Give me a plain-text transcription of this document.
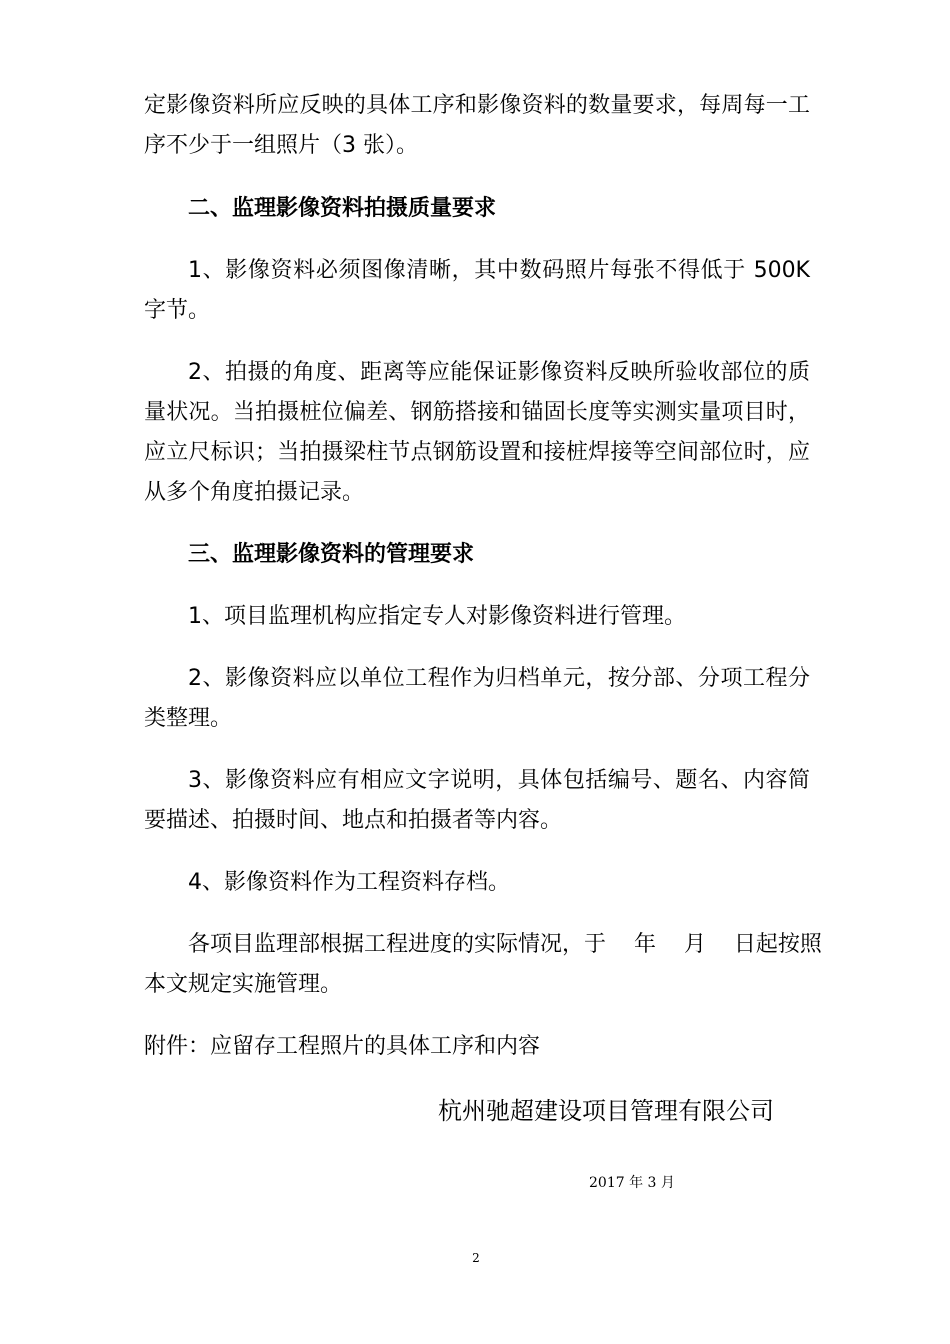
定影像资料所应反映的具体工序和影像资料的数量要求，每周每一工
序不少于一组照片（3 张）。
二、监理影像资料拍摄质量要求
1、影像资料必须图像清晰，其中数码照片每张不得低于 500K
字节。
2、拍摄的角度、距离等应能保证影像资料反映所验收部位的质
量状况。当拍摄桩位偏差、钢筋搭接和锚固长度等实测实量项目时，
应立尺标识；当拍摄梁柱节点钢筋设置和接桩焊接等空间部位时，应
从多个角度拍摄记录。
三、监理影像资料的管理要求
1、项目监理机构应指定专人对影像资料进行管理。
2、影像资料应以单位工程作为归档单元，按分部、分项工程分
类整理。
3、影像资料应有相应文字说明，具体包括编号、题名、内容简
要描述、拍摄时间、地点和拍摄者等内容。
4、影像资料作为工程资料存档。
各项目监理部根据工程进度的实际情况，于    年    月    日起按照
本文规定实施管理。
附件：应留存工程照片的具体工序和内容
杭州驰超建设项目管理有限公司
2017 年 3 月
2
